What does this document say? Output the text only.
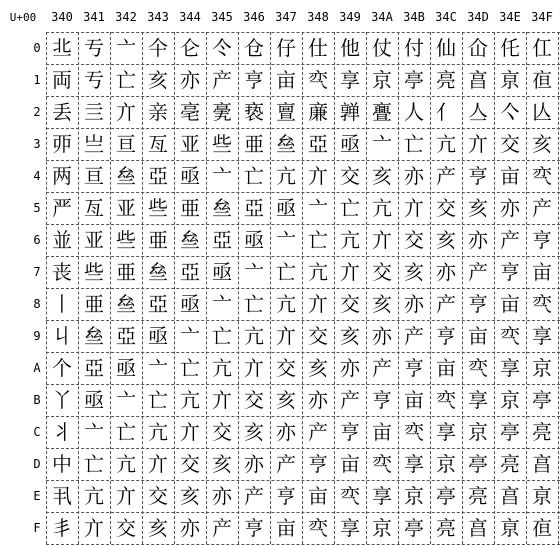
U+00	340 341 342 343 344 345 346 347 348 349 34A 34B 34C 34D 34E 34F
0
1
2
3
4
5
6
7
8
9
A
B
C
D
E
F
丠 亐 亠 仐 仑 仒 仓 仔 仕 他 仗 付 仙 仚 仛 仜
両 亐 亡 亥 亦 产 亨 亩 亪 享 京 亭 亮 亯 亰 亱
丢 亖 亣 亲 亳 亴 亵 亶 亷 亸 亹 人 亻 亼 亽 亾
丣 亗 亘 亙 亚 些 亜 亝 亞 亟 亠 亡 亢 亣 交 亥
两 亘 亝 亞 亟 亠 亡 亢 亣 交 亥 亦 产 亨 亩 亪
严 亙 亚 些 亜 亝 亞 亟 亠 亡 亢 亣 交 亥 亦 产
並 亚 些 亜 亝 亞 亟 亠 亡 亢 亣 交 亥 亦 产 亨
丧 些 亜 亝 亞 亟 亠 亡 亢 亣 交 亥 亦 产 亨 亩
丨 亜 亝 亞 亟 亠 亡 亢 亣 交 亥 亦 产 亨 亩 亪
丩 亝 亞 亟 亠 亡 亢 亣 交 亥 亦 产 亨 亩 亪 享
个 亞 亟 亠 亡 亢 亣 交 亥 亦 产 亨 亩 亪 享 京
丫 亟 亠 亡 亢 亣 交 亥 亦 产 亨 亩 亪 享 京 亭
丬 亠 亡 亢 亣 交 亥 亦 产 亨 亩 亪 享 京 亭 亮
中 亡 亢 亣 交 亥 亦 产 亨 亩 亪 享 京 亭 亮 亯
丮 亢 亣 交 亥 亦 产 亨 亩 亪 享 京 亭 亮 亯 亰
丯 亣 交 亥 亦 产 亨 亩 亪 享 京 亭 亮 亯 亰 亱
